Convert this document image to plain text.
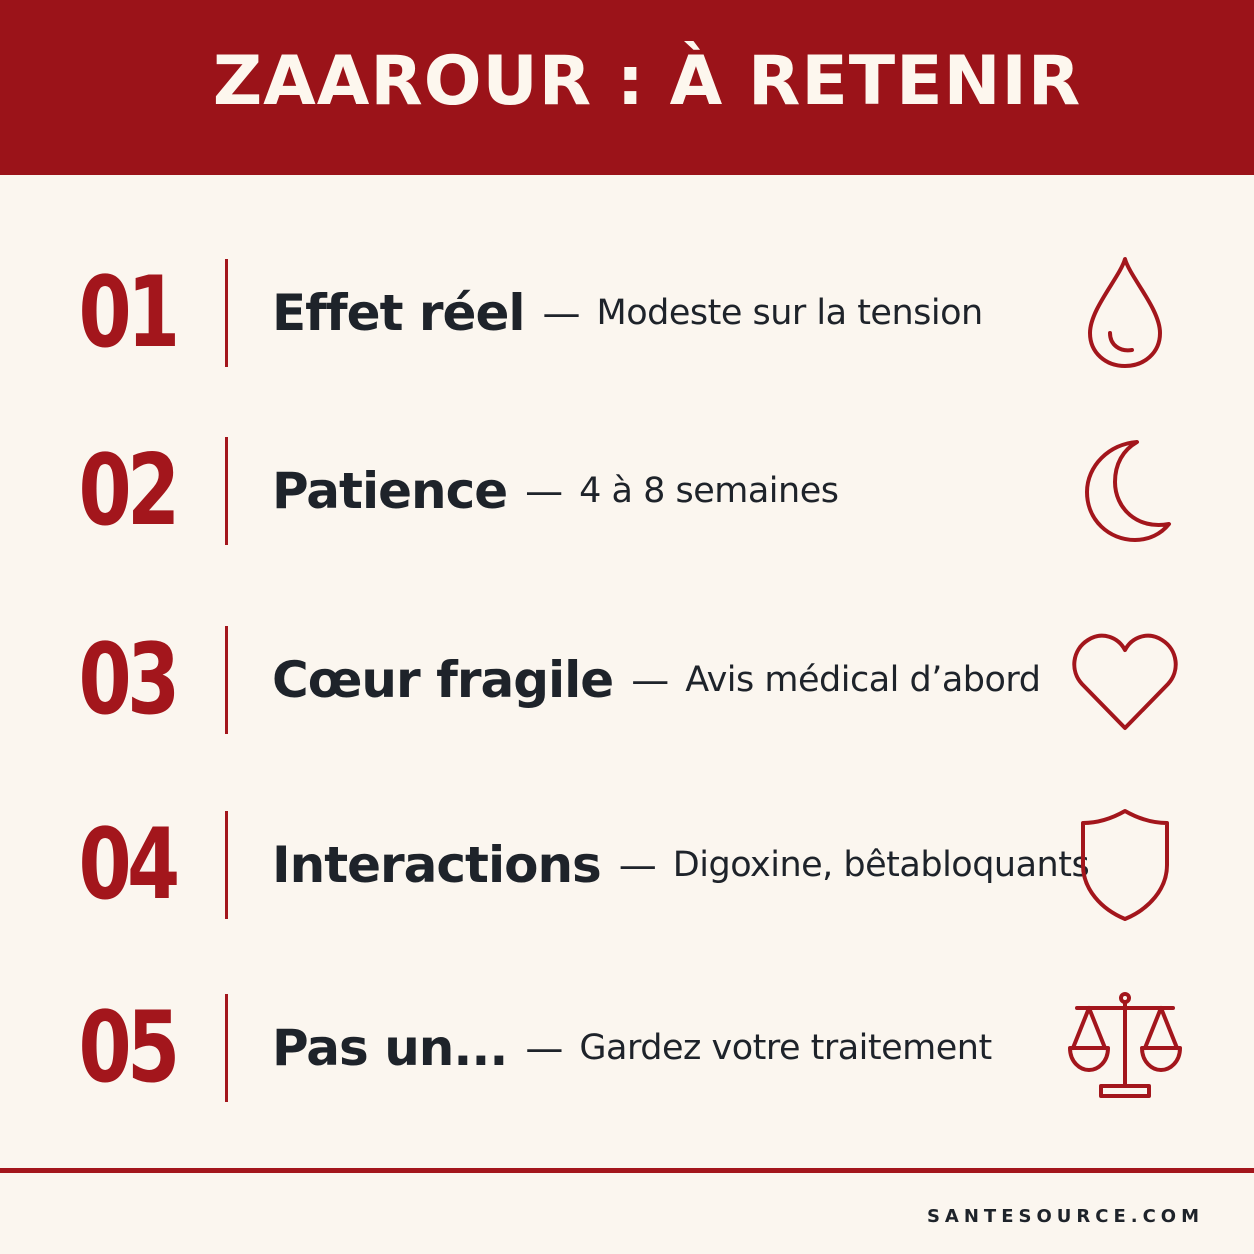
ZAAROUR : À RETENIR
01 Effet réel — Modeste sur la tension
02 Patience — 4 à 8 semaines
03 Cœur fragile — Avis médical d’abord
04 Interactions — Digoxine, bêtabloquants
05 Pas un... — Gardez votre traitement
SANTESOURCE.COM
